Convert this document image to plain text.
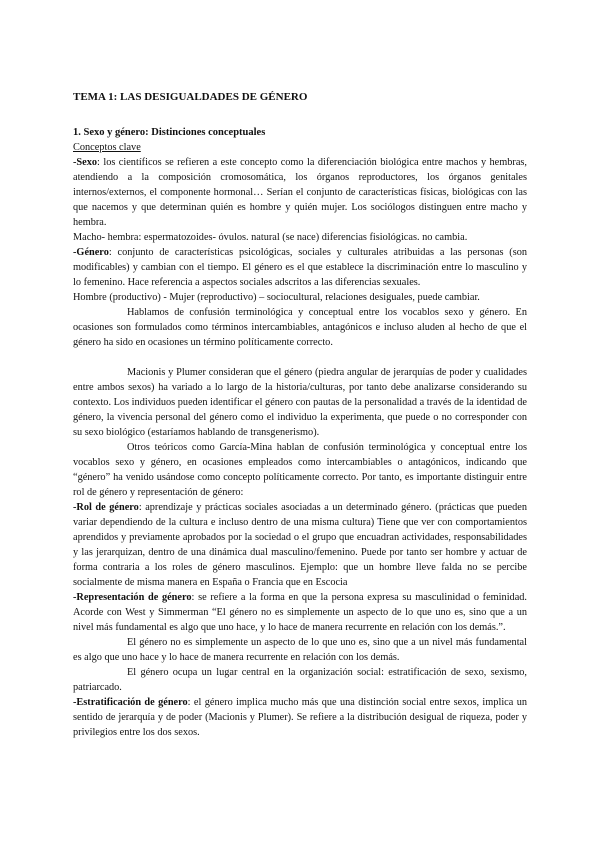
TEMA 1: LAS DESIGUALDADES DE GÉNERO
1. Sexo y género: Distinciones conceptuales
Conceptos clave

-Sexo: los científicos se refieren a este concepto como la diferenciación biológica entre machos y hembras, atendiendo a la composición cromosomática, los órganos reproductores, los órganos genitales internos/externos, el componente hormonal… Serían el conjunto de características físicas, biológicas con las que nacemos y que determinan quién es hombre y quién mujer. Los sociólogos distinguen entre macho y hembra.

Macho- hembra: espermatozoides- óvulos. natural (se nace) diferencias fisiológicas. no cambia.

-Género: conjunto de características psicológicas, sociales y culturales atribuidas a las personas (son modificables) y cambian con el tiempo. El género es el que establece la discriminación entre lo masculino y lo femenino. Hace referencia a aspectos sociales adscritos a las diferencias sexuales.

Hombre (productivo) - Mujer (reproductivo) – sociocultural, relaciones desiguales, puede cambiar.

Hablamos de confusión terminológica y conceptual entre los vocablos sexo y género. En ocasiones son formulados como términos intercambiables, antagónicos e incluso aluden al hecho de que el género ha sido en ocasiones un término políticamente correcto.

Macionis y Plumer consideran que el género (piedra angular de jerarquías de poder y cualidades entre ambos sexos) ha variado a lo largo de la historia/culturas, por tanto debe analizarse considerando su contexto. Los individuos pueden identificar el género con pautas de la personalidad a través de la identidad de género, la vivencia personal del género como el individuo la experimenta, que puede o no corresponder con su sexo biológico (estaríamos hablando de transgenerismo).

Otros teóricos como García-Mina hablan de confusión terminológica y conceptual entre los vocablos sexo y género, en ocasiones empleados como intercambiables o antagónicos, indicando que “género” ha venido usándose como concepto políticamente correcto. Por tanto, es importante distinguir entre rol de género y representación de género:

-Rol de género: aprendizaje y prácticas sociales asociadas a un determinado género. (prácticas que pueden variar dependiendo de la cultura e incluso dentro de una misma cultura) Tiene que ver con comportamientos aprendidos y previamente aprobados por la sociedad o el grupo que encuadran actividades, responsabilidades y las jerarquizan, dentro de una dinámica dual masculino/femenino. Puede por tanto ser hombre y actuar de forma contraria a los roles de género masculinos. Ejemplo: que un hombre lleve falda no se percibe socialmente de misma manera en España o Francia que en Escocia

-Representación de género: se refiere a la forma en que la persona expresa su masculinidad o feminidad. Acorde con West y Simmerman “El género no es simplemente un aspecto de lo que uno es, sino que a un nivel más fundamental es algo que uno hace, y lo hace de manera recurrente en relación con los demás.”.

El género no es simplemente un aspecto de lo que uno es, sino que a un nivel más fundamental es algo que uno hace y lo hace de manera recurrente en relación con los demás.

El género ocupa un lugar central en la organización social: estratificación de sexo, sexismo, patriarcado.

-Estratificación de género: el género implica mucho más que una distinción social entre sexos, implica un sentido de jerarquía y de poder (Macionis y Plumer). Se refiere a la distribución desigual de riqueza, poder y privilegios entre los dos sexos.
